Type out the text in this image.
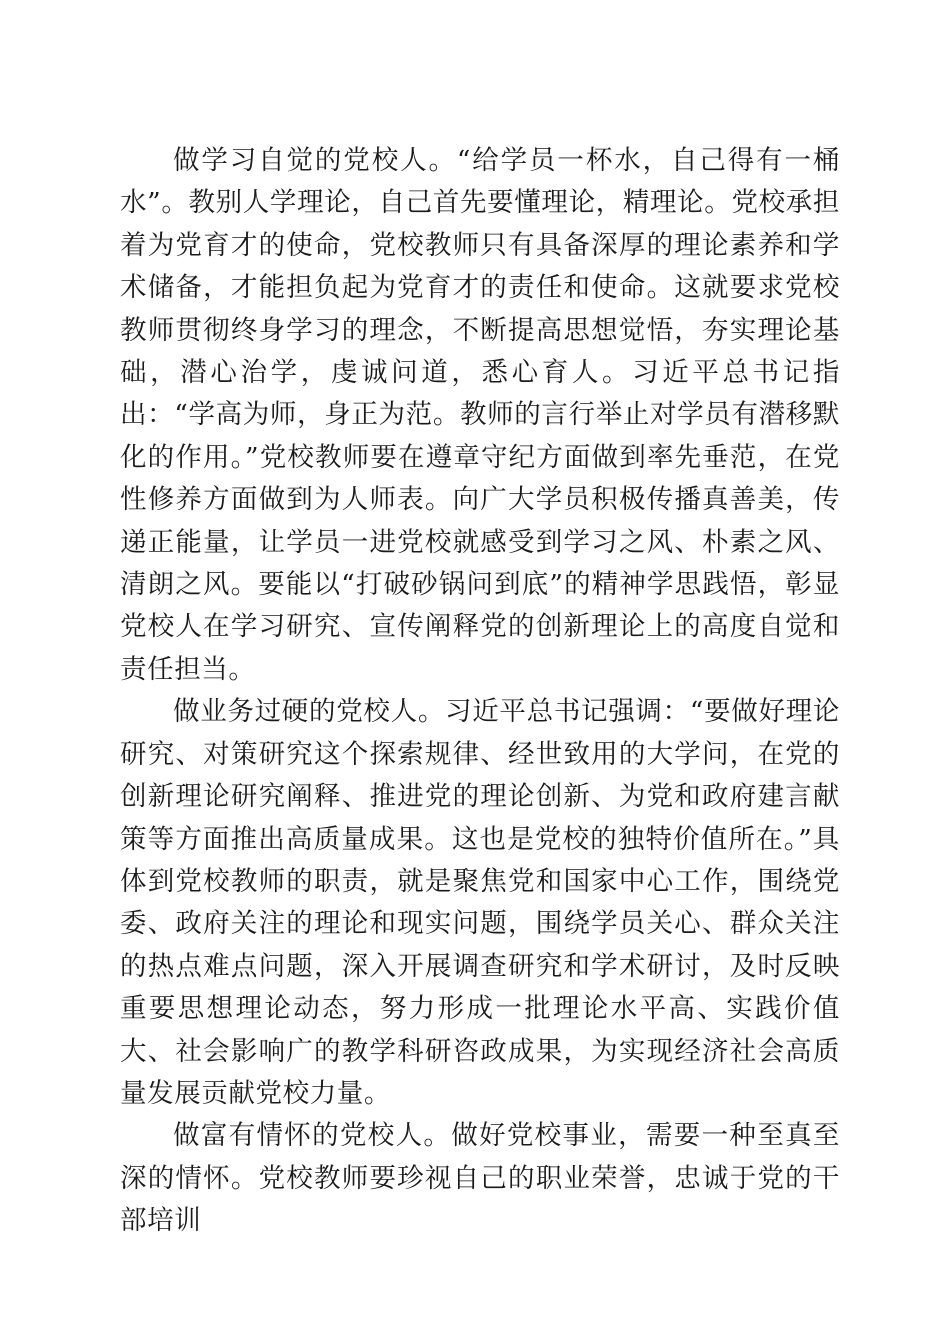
做学习自觉的党校人。“给学员一杯水，自己得有一桶水”。教别人学理论，自己首先要懂理论，精理论。党校承担着为党育才的使命，党校教师只有具备深厚的理论素养和学术储备，才能担负起为党育才的责任和使命。这就要求党校教师贯彻终身学习的理念，不断提高思想觉悟，夯实理论基础，潜心治学，虔诚问道，悉心育人。习近平总书记指出：“学高为师，身正为范。教师的言行举止对学员有潜移默化的作用。”党校教师要在遵章守纪方面做到率先垂范，在党性修养方面做到为人师表。向广大学员积极传播真善美，传递正能量，让学员一进党校就感受到学习之风、朴素之风、清朗之风。要能以“打破砂锅问到底”的精神学思践悟，彰显党校人在学习研究、宣传阐释党的创新理论上的高度自觉和责任担当。

做业务过硬的党校人。习近平总书记强调：“要做好理论研究、对策研究这个探索规律、经世致用的大学问，在党的创新理论研究阐释、推进党的理论创新、为党和政府建言献策等方面推出高质量成果。这也是党校的独特价值所在。”具体到党校教师的职责，就是聚焦党和国家中心工作，围绕党委、政府关注的理论和现实问题，围绕学员关心、群众关注的热点难点问题，深入开展调查研究和学术研讨，及时反映重要思想理论动态，努力形成一批理论水平高、实践价值大、社会影响广的教学科研咨政成果，为实现经济社会高质量发展贡献党校力量。

做富有情怀的党校人。做好党校事业，需要一种至真至深的情怀。党校教师要珍视自己的职业荣誉，忠诚于党的干部培训
